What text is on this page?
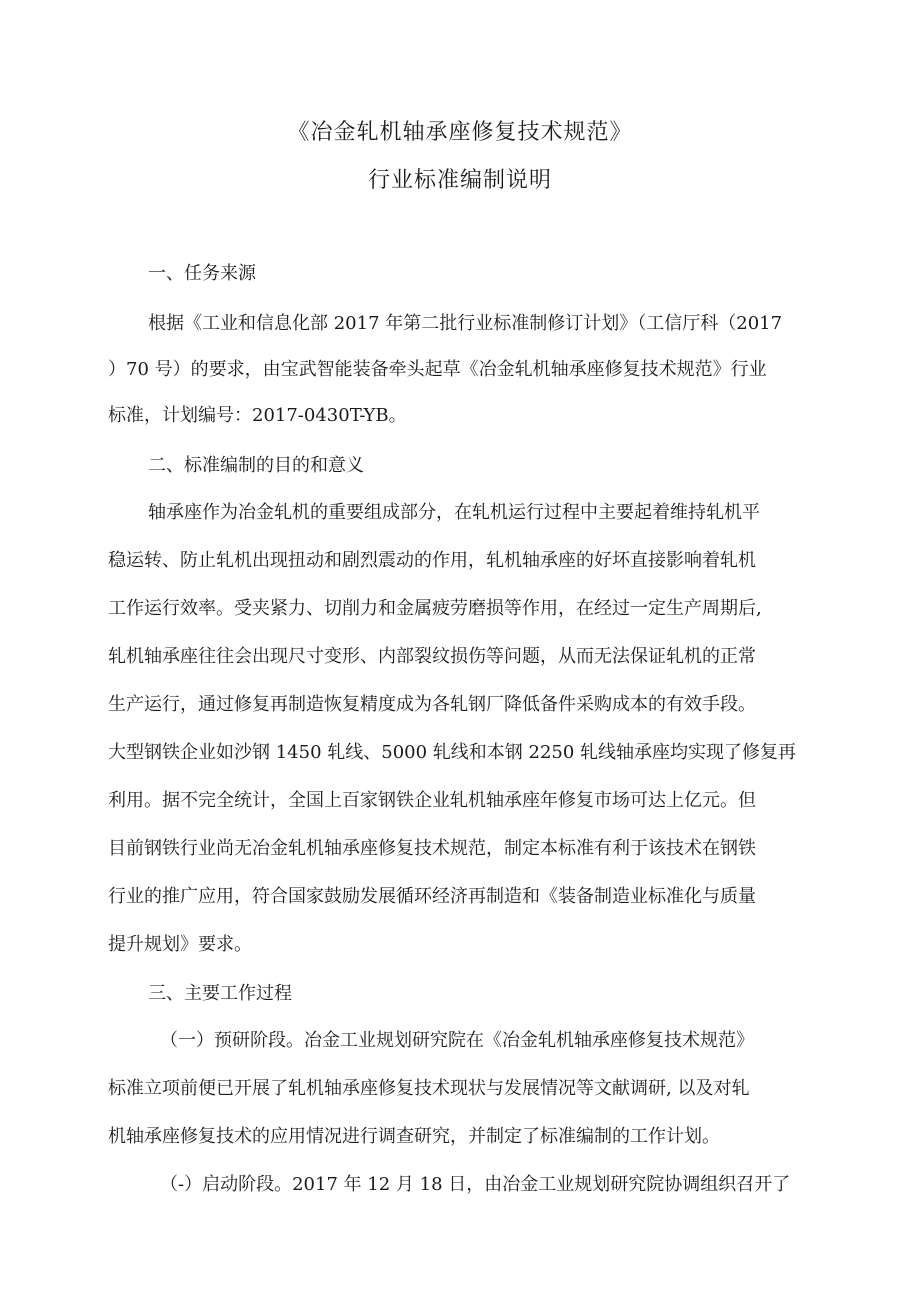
《冶金轧机轴承座修复技术规范》
行业标准编制说明
一、任务来源
根据《工业和信息化部 2017 年第二批行业标准制修订计划》（工信厅科（2017
）70 号）的要求，由宝武智能装备牵头起草《冶金轧机轴承座修复技术规范》行业
标准，计划编号：2017-0430T-YB。
二、标准编制的目的和意义
轴承座作为冶金轧机的重要组成部分，在轧机运行过程中主要起着维持轧机平
稳运转、防止轧机出现扭动和剧烈震动的作用，轧机轴承座的好坏直接影响着轧机
工作运行效率。受夹紧力、切削力和金属疲劳磨损等作用，在经过一定生产周期后,
轧机轴承座往往会出现尺寸变形、内部裂纹损伤等问题，从而无法保证轧机的正常
生产运行，通过修复再制造恢复精度成为各轧钢厂降低备件采购成本的有效手段。
大型钢铁企业如沙钢 1450 轧线、5000 轧线和本钢 2250 轧线轴承座均实现了修复再
利用。据不完全统计，全国上百家钢铁企业轧机轴承座年修复市场可达上亿元。但
目前钢铁行业尚无冶金轧机轴承座修复技术规范，制定本标准有利于该技术在钢铁
行业的推广应用，符合国家鼓励发展循环经济再制造和《装备制造业标准化与质量
提升规划》要求。
三、主要工作过程
（一）预研阶段。冶金工业规划研究院在《冶金轧机轴承座修复技术规范》
标准立项前便已开展了轧机轴承座修复技术现状与发展情况等文献调研, 以及对轧
机轴承座修复技术的应用情况进行调查研究，并制定了标准编制的工作计划。
（-）启动阶段。2017 年 12 月 18 日，由冶金工业规划研究院协调组织召开了
